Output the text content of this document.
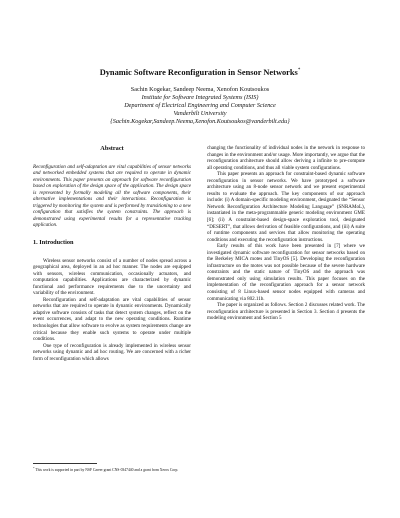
Dynamic Software Reconfiguration in Sensor Networks*
Sachin Kogekar, Sandeep Neema, Xenofon Koutsoukos
Institute for Software Integrated Systems (ISIS)
Department of Electrical Engineering and Computer Science
Vanderbilt University
{Sachin.Kogekar,Sandeep.Neema,Xenofon.Koutsoukos@vanderbilt.edu}
Abstract

Reconfiguration and self-adaptation are vital capabilities of sensor networks and networked embedded systems that are required to operate in dynamic environments. This paper presents an approach for software reconfiguration based on exploration of the design space of the application. The design space is represented by formally modeling all the software components, their alternative implementations and their interactions. Reconfiguration is triggered by monitoring the system and is performed by transitioning to a new configuration that satisfies the system constraints. The approach is demonstrated using experimental results for a representative tracking application.

1. Introduction

Wireless sensor networks consist of a number of nodes spread across a geographical area, deployed in an ad hoc manner. The nodes are equipped with sensors, wireless communication, occasionally actuators, and computation capabilities. Applications are characterized by dynamic functional and performance requirements due to the uncertainty and variability of the environment.

Reconfiguration and self-adaptation are vital capabilities of sensor networks that are required to operate in dynamic environments. Dynamically adaptive software consists of tasks that detect system changes, reflect on the event occurrences, and adapt to the new operating conditions. Runtime technologies that allow software to evolve as system requirements change are critical because they enable such systems to operate under multiple conditions.

One type of reconfiguration is already implemented in wireless sensor networks using dynamic and ad hoc routing. We are concerned with a richer form of reconfiguration which allows

changing the functionality of individual nodes in the network in response to changes in the environment and/or usage. More importantly, we argue that the reconfiguration architecture should allow deriving a infinite to pre-compute all operating conditions, and thus all viable system configurations.

This paper presents an approach for constraint-based dynamic software reconfiguration in sensor networks. We have prototyped a software architecture using an 8-node sensor network and we present experimental results to evaluate the approach. The key components of our approach include: (i) A domain-specific modeling environment, designated the “Sensor Network Reconfiguration Architecture Modeling Language” (SNRAMoL), instantiated in the meta-programmable generic modeling environment GME [6]; (ii) A constraint-based design-space exploration tool, designated “DESERT”, that allows derivation of feasible configurations, and (iii) A suite of runtime components and services that allow monitoring the operating conditions and executing the reconfiguration instructions.

Early results of this work have been presented in [7] where we investigated dynamic software reconfiguration for sensor networks based on the Berkeley MICA motes and TinyOS [5]. Developing the reconfiguration infrastructure on the motes was not possible because of the severe hardware constraints and the static nature of TinyOS and the approach was demonstrated only using simulation results. This paper focuses on the implementation of the reconfiguration approach for a sensor network consisting of 8 Linux-based sensor nodes equipped with cameras and communicating via 802.11b.

The paper is organized as follows. Section 2 discusses related work. The reconfiguration architecture is presented in Section 3. Section 4 presents the modeling environment and Section 5

* This work is supported in part by NSF Career grant CNS-0347440 and a grant from Xerox Corp.
